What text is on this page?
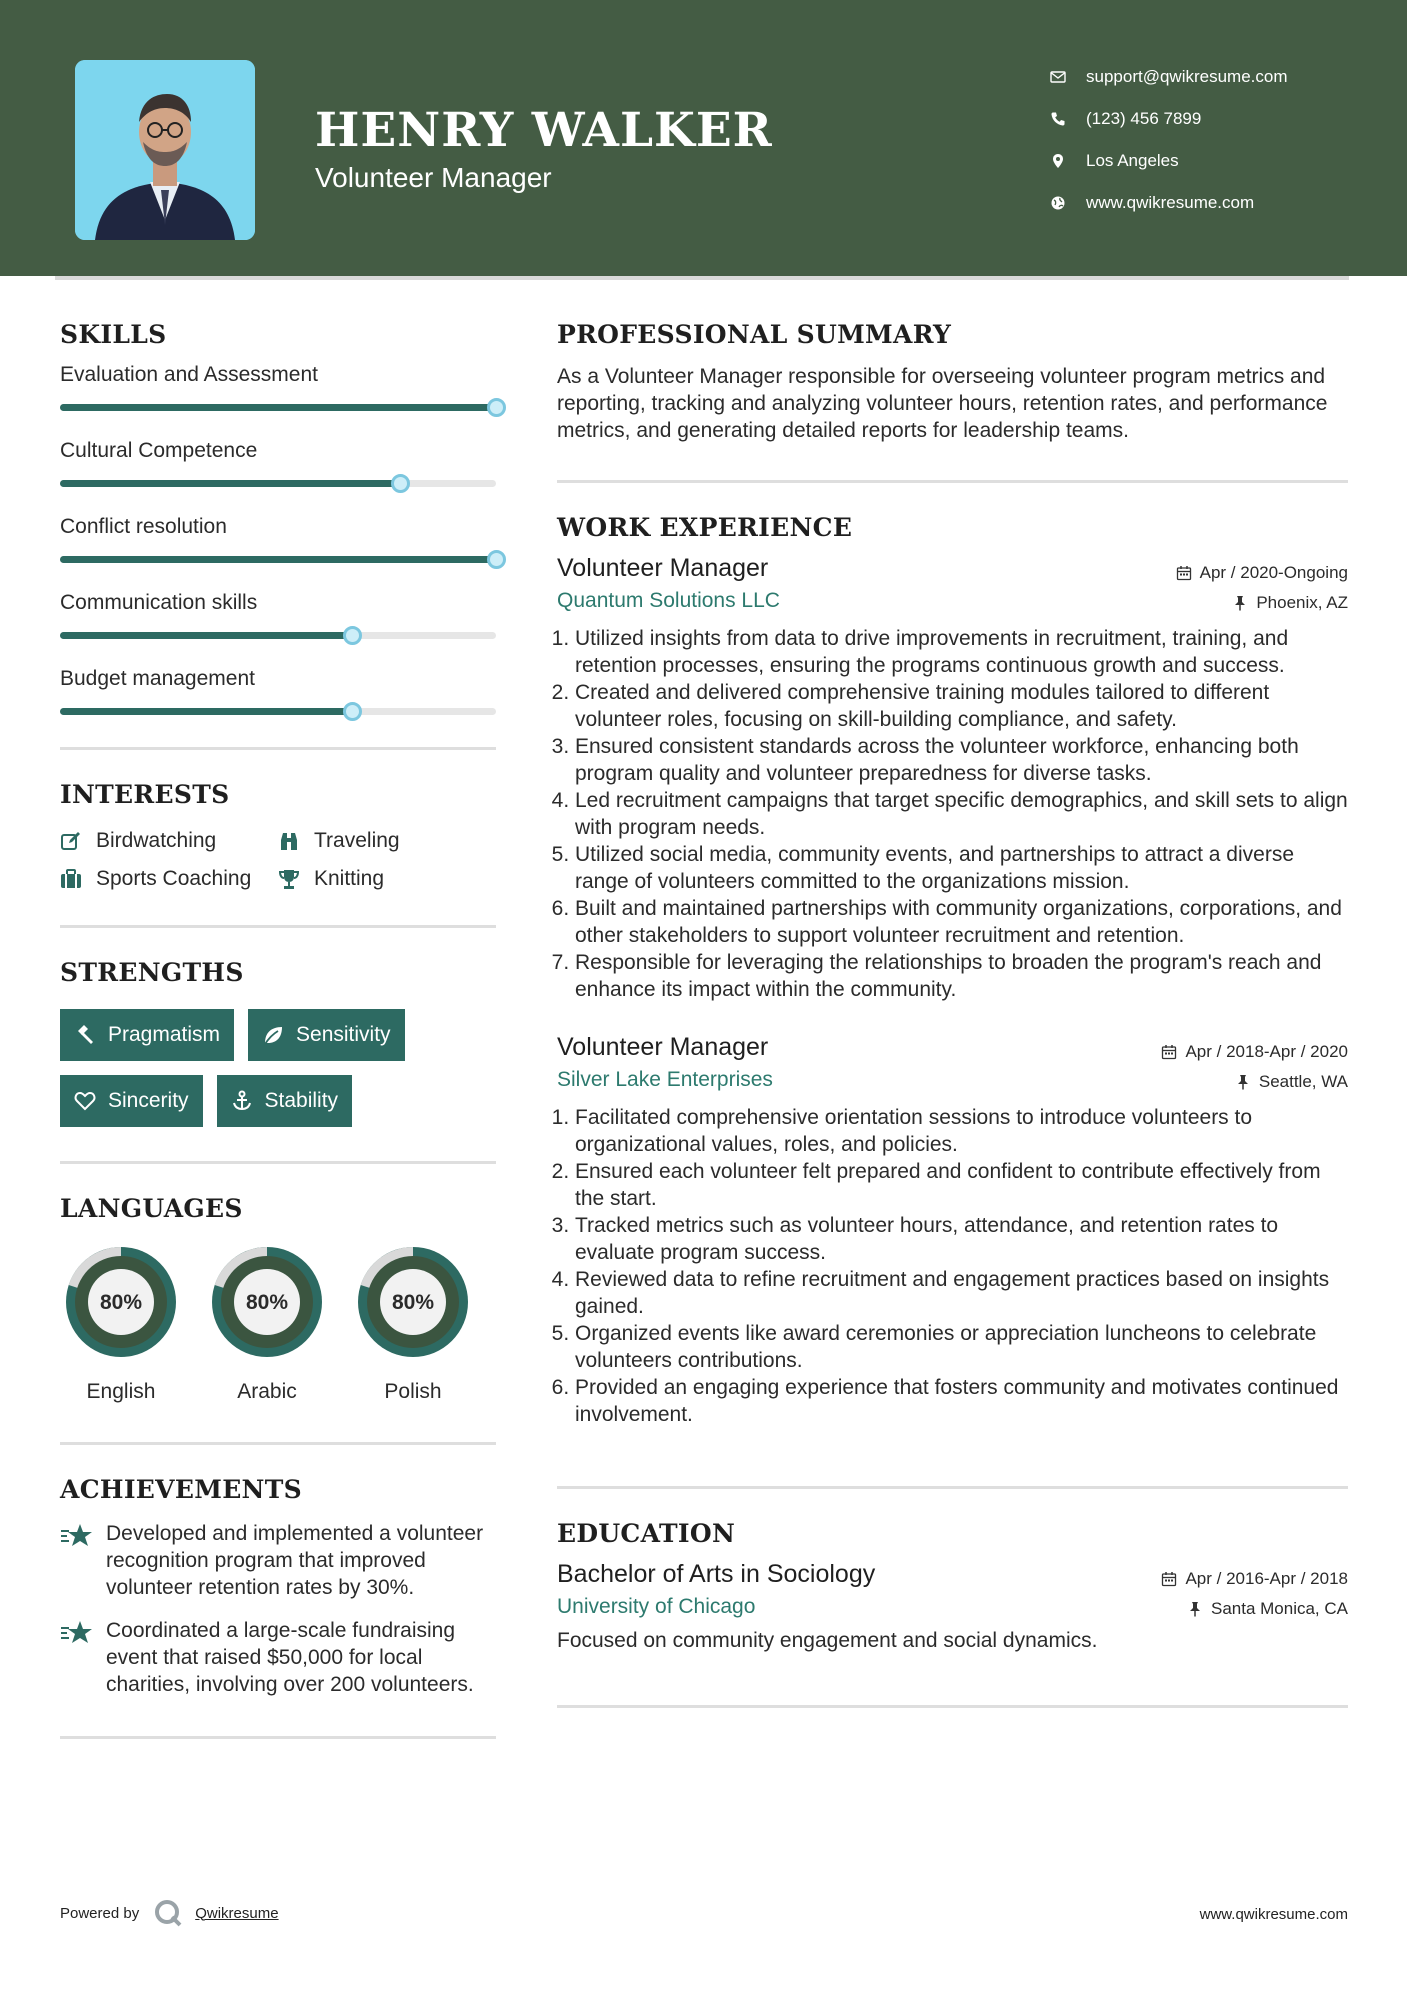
HENRY WALKER
Volunteer Manager
support@qwikresume.com
(123) 456 7899
Los Angeles
www.qwikresume.com
SKILLS
Evaluation and Assessment
Cultural Competence
Conflict resolution
Communication skills
Budget management
INTERESTS
Birdwatching	Traveling
Sports Coaching	Knitting
STRENGTHS
Pragmatism	Sensitivity
Sincerity	Stability
LANGUAGES
80%
English
80%
Arabic
80%
Polish
ACHIEVEMENTS
Developed and implemented a volunteer recognition program that improved volunteer retention rates by 30%.
Coordinated a large-scale fundraising event that raised $50,000 for local charities, involving over 200 volunteers.
PROFESSIONAL SUMMARY

As a Volunteer Manager responsible for overseeing volunteer program metrics and reporting, tracking and analyzing volunteer hours, retention rates, and performance metrics, and generating detailed reports for leadership teams.

WORK EXPERIENCE
Volunteer Manager	Apr / 2020-Ongoing
Quantum Solutions LLC	Phoenix, AZ
1. Utilized insights from data to drive improvements in recruitment, training, and retention processes, ensuring the programs continuous growth and success.
2. Created and delivered comprehensive training modules tailored to different volunteer roles, focusing on skill-building compliance, and safety.
3. Ensured consistent standards across the volunteer workforce, enhancing both program quality and volunteer preparedness for diverse tasks.
4. Led recruitment campaigns that target specific demographics, and skill sets to align with program needs.
5. Utilized social media, community events, and partnerships to attract a diverse range of volunteers committed to the organizations mission.
6. Built and maintained partnerships with community organizations, corporations, and other stakeholders to support volunteer recruitment and retention.
7. Responsible for leveraging the relationships to broaden the program's reach and enhance its impact within the community.
Volunteer Manager	Apr / 2018-Apr / 2020
Silver Lake Enterprises	Seattle, WA
1. Facilitated comprehensive orientation sessions to introduce volunteers to organizational values, roles, and policies.
2. Ensured each volunteer felt prepared and confident to contribute effectively from the start.
3. Tracked metrics such as volunteer hours, attendance, and retention rates to evaluate program success.
4. Reviewed data to refine recruitment and engagement practices based on insights gained.
5. Organized events like award ceremonies or appreciation luncheons to celebrate volunteers contributions.
6. Provided an engaging experience that fosters community and motivates continued involvement.
EDUCATION
Bachelor of Arts in Sociology	Apr / 2016-Apr / 2018
University of Chicago	Santa Monica, CA

Focused on community engagement and social dynamics.

Powered by	Qwikresume	www.qwikresume.com
